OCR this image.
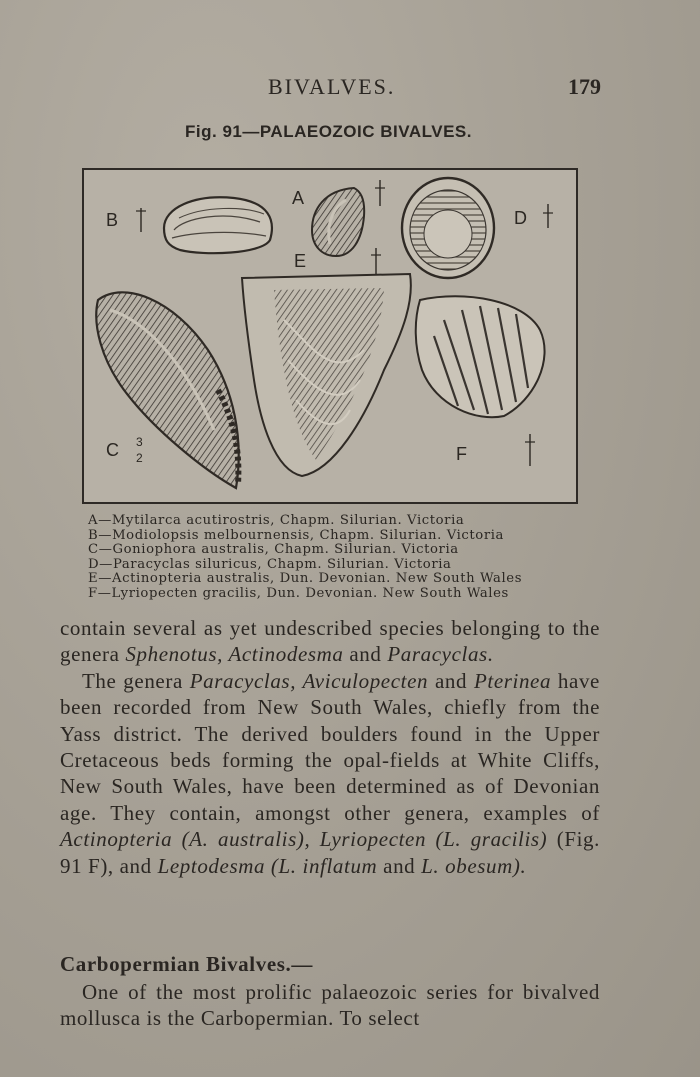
BIVALVES.	179
Fig. 91—PALAEOZOIC BIVALVES.
B
A
D
E
C 3
2	F
A—Mytilarca acutirostris, Chapm. Silurian. Victoria
B—Modiolopsis melbournensis, Chapm. Silurian. Victoria
C—Goniophora australis, Chapm. Silurian. Victoria
D—Paracyclas siluricus, Chapm. Silurian. Victoria
E—Actinopteria australis, Dun. Devonian. New South Wales
F—Lyriopecten gracilis, Dun. Devonian. New South Wales

contain several as yet undescribed species belonging to the genera Sphenotus, Actinodesma and Paracyclas.

The genera Paracyclas, Aviculopecten and Pterinea have been recorded from New South Wales, chiefly from the Yass district. The derived boulders found in the Upper Cretaceous beds forming the opal-fields at White Cliffs, New South Wales, have been determined as of Devonian age. They contain, amongst other genera, examples of Actinopteria (A. australis), Lyriopecten (L. gracilis) (Fig. 91 F), and Leptodesma (L. inflatum and L. obesum).

Carbopermian Bivalves.—

One of the most prolific palaeozoic series for bivalved mollusca is the Carbopermian. To select
